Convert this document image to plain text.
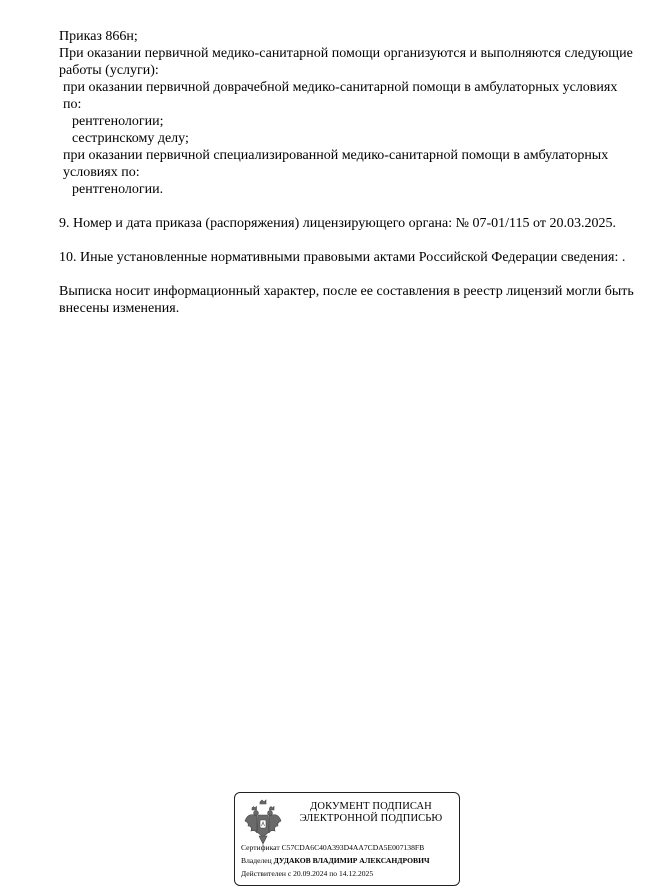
Приказ 866н;

При оказании первичной медико-санитарной помощи организуются и выполняются следующие работы (услуги):

при оказании первичной доврачебной медико-санитарной помощи в амбулаторных условиях по:

рентгенологии;

сестринскому делу;

при оказании первичной специализированной медико-санитарной помощи в амбулаторных условиях по:

рентгенологии.

9. Номер и дата приказа (распоряжения) лицензирующего органа: № 07-01/115 от 20.03.2025.

10. Иные установленные нормативными правовыми актами Российской Федерации сведения: .

Выписка носит информационный характер, после ее составления в реестр лицензий могли быть внесены изменения.

ДОКУМЕНТ ПОДПИСАН
ЭЛЕКТРОННОЙ ПОДПИСЬЮ
Сертификат C57CDA6C40A393D4AA7CDA5E007138FB
Владелец ДУДАКОВ ВЛАДИМИР АЛЕКСАНДРОВИЧ
Действителен с 20.09.2024 по 14.12.2025
